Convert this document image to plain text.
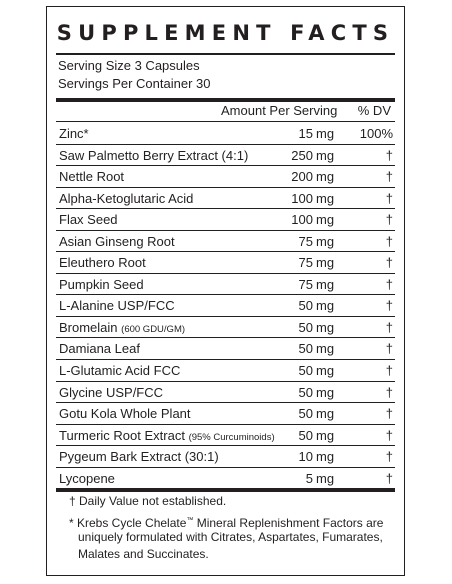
SUPPLEMENT FACTS
Serving Size 3 Capsules
Servings Per Container 30
Amount Per Serving % DV
Zinc*	15 mg 100%
Saw Palmetto Berry Extract (4:1)	250 mg	†
Nettle Root	200 mg	†
Alpha-Ketoglutaric Acid	100 mg	†
Flax Seed	100 mg	†
Asian Ginseng Root	75 mg	†
Eleuthero Root	75 mg	†
Pumpkin Seed	75 mg	†
L-Alanine USP/FCC	50 mg	†
Bromelain (600 GDU/GM)	50 mg	†
Damiana Leaf	50 mg	†
L-Glutamic Acid FCC	50 mg	†
Glycine USP/FCC	50 mg	†
Gotu Kola Whole Plant	50 mg	†
Turmeric Root Extract (95% Curcuminoids) 50 mg	†
Pygeum Bark Extract (30:1)	10 mg	†
Lycopene	5 mg	†
† Daily Value not established.
* Krebs Cycle Chelate™ Mineral Replenishment Factors are
uniquely formulated with Citrates, Aspartates, Fumarates,
Malates and Succinates.
